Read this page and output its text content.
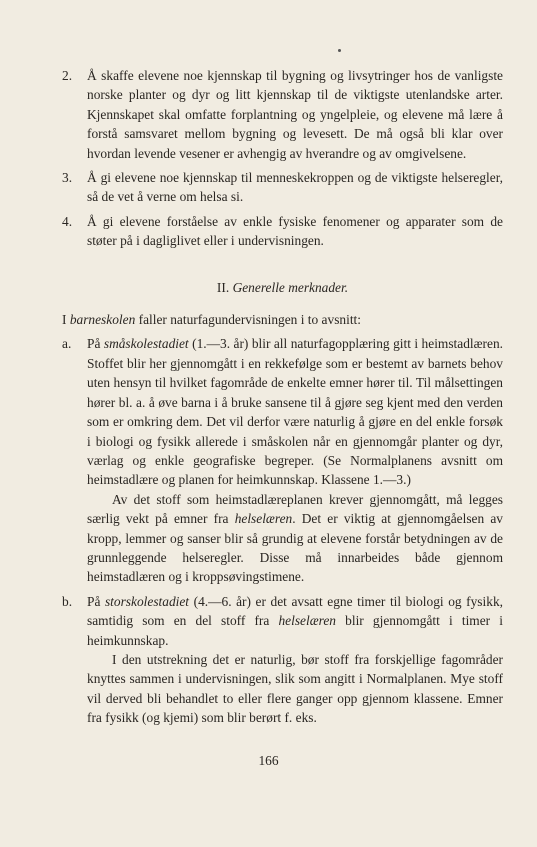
2. Å skaffe elevene noe kjennskap til bygning og livsytringer hos de vanligste norske planter og dyr og litt kjennskap til de viktigste utenlandske arter. Kjennskapet skal omfatte forplantning og yngelpleie, og elevene må lære å forstå samsvaret mellom bygning og levesett. De må også bli klar over hvordan levende vesener er avhengig av hverandre og av omgivelsene.
3. Å gi elevene noe kjennskap til menneskekroppen og de viktigste helseregler, så de vet å verne om helsa si.
4. Å gi elevene forståelse av enkle fysiske fenomener og apparater som de støter på i dagliglivet eller i undervisningen.
II. Generelle merknader.

I barneskolen faller naturfagundervisningen i to avsnitt:

a. På småskolestadiet (1.—3. år) blir all naturfagopplæring gitt i heimstadlæren. Stoffet blir her gjennomgått i en rekkefølge som er bestemt av barnets behov uten hensyn til hvilket fagområde de enkelte emner hører til. Til målsettingen hører bl. a. å øve barna i å bruke sansene til å gjøre seg kjent med den verden som er omkring dem. Det vil derfor være naturlig å gjøre en del enkle forsøk i biologi og fysikk allerede i småskolen når en gjennomgår planter og dyr, værlag og enkle geografiske begreper. (Se Normalplanens avsnitt om heimstadlære og planen for heimkunnskap. Klassene 1.—3.)

Av det stoff som heimstadlæreplanen krever gjennomgått, må legges særlig vekt på emner fra helselæren. Det er viktig at gjennomgåelsen av kropp, lemmer og sanser blir så grundig at elevene forstår betydningen av de grunnleggende helseregler. Disse må innarbeides både gjennom heimstadlæren og i kroppsøvingstimene.

b. På storskolestadiet (4.—6. år) er det avsatt egne timer til biologi og fysikk, samtidig som en del stoff fra helselæren blir gjennomgått i timer i heimkunnskap.

I den utstrekning det er naturlig, bør stoff fra forskjellige fagområder knyttes sammen i undervisningen, slik som angitt i Normalplanen. Mye stoff vil derved bli behandlet to eller flere ganger opp gjennom klassene. Emner fra fysikk (og kjemi) som blir berørt f. eks.

166
